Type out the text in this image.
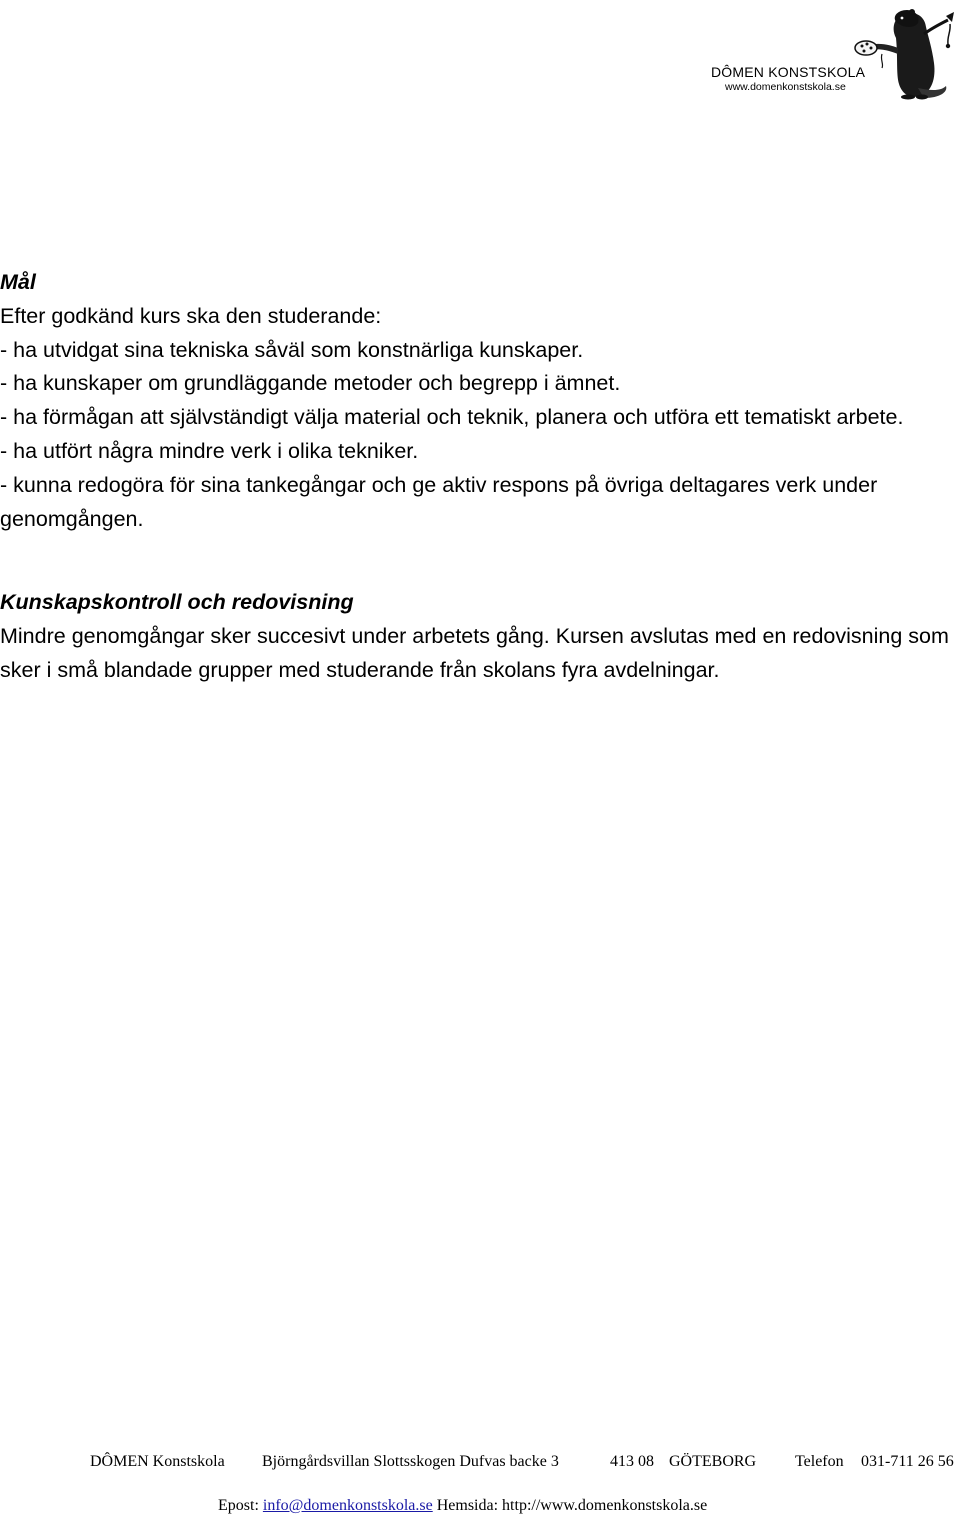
DÔMEN KONSTSKOLA
www.domenkonstskola.se

Mål

Efter godkänd kurs ska den studerande:

- ha utvidgat sina tekniska såväl som konstnärliga kunskaper.

- ha kunskaper om grundläggande metoder och begrepp i ämnet.

- ha förmågan att självständigt välja material och teknik, planera och utföra ett tematiskt arbete.

- ha utfört några mindre verk i olika tekniker.

- kunna redogöra för sina tankegångar och ge aktiv respons på övriga deltagares verk under genomgången.

Kunskapskontroll och redovisning

Mindre genomgångar sker succesivt under arbetets gång. Kursen avslutas med en redovisning som sker i små blandade grupper med studerande från skolans fyra avdelningar.

DÔMEN Konstskola Björngårdsvillan Slottsskogen Dufvas backe 3	413 08 GÖTEBORG Telefon 031-711 26 56
Epost: info@domenkonstskola.se Hemsida: http://www.domenkonstskola.se
